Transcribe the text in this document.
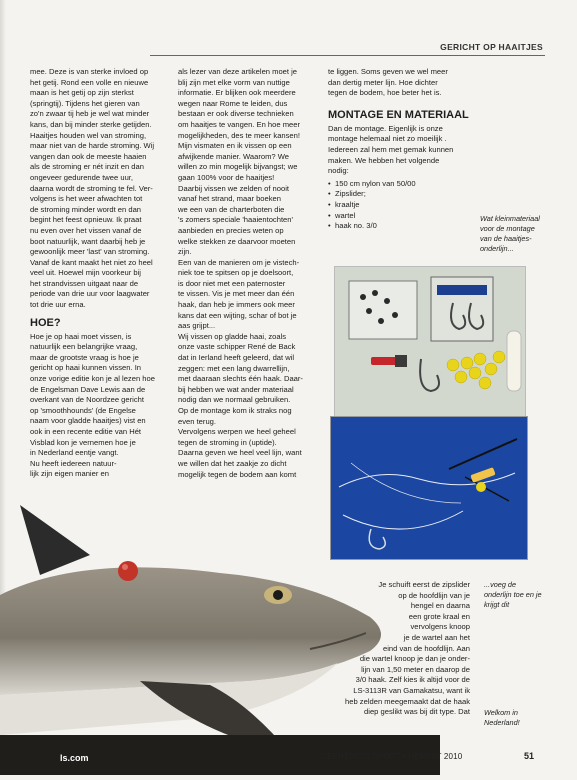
GERICHT OP HAAITJES

mee. Deze is van sterke invloed op
het getij. Rond een volle en nieuwe
maan is het getij op zijn sterkst
(springtij). Tijdens het gieren van
zo'n zwaar tij heb je wel wat minder
kans, dan bij minder sterke getijden.
Haaitjes houden wel van stroming,
maar niet van de harde stroming. Wij
vangen dan ook de meeste haaien
als de stroming er nét inzit en dan
ongeveer gedurende twee uur,
daarna wordt de stroming te fel. Ver-
volgens is het weer afwachten tot
de stroming minder wordt en dan
begint het feest opnieuw. Ik praat
nu even over het vissen vanaf de
boot natuurlijk, want daarbij heb je
gewoonlijk meer 'last' van stroming.
Vanaf de kant maakt het niet zo heel
veel uit. Hoewel mijn voorkeur bij
het strandvissen uitgaat naar de
periode van drie uur voor laagwater
tot drie uur erna.

HOE?

Hoe je op haai moet vissen, is
natuurlijk een belangrijke vraag,
maar de grootste vraag is hoe je
gericht op haai kunnen vissen. In
onze vorige editie kon je al lezen hoe
de Engelsman Dave Lewis aan de
overkant van de Noordzee gericht
op 'smoothhounds' (de Engelse
naam voor gladde haaitjes) vist en
ook in een recente editie van Hét
Visblad kon je vernemen hoe je
in Nederland eentje vangt.
Nu heeft iedereen natuur-
lijk zijn eigen manier en

als lezer van deze artikelen moet je
blij zijn met elke vorm van nuttige
informatie. Er blijken ook meerdere
wegen naar Rome te leiden, dus
bestaan er ook diverse technieken
om haaitjes te vangen. En hoe meer
mogelijkheden, des te meer kansen!
Mijn vismaten en ik vissen op een
afwijkende manier. Waarom? We
willen zo min mogelijk bijvangst; we
gaan 100% voor de haaitjes!
Daarbij vissen we zelden of nooit
vanaf het strand, maar boeken
we een van de charterboten die
's zomers speciale 'haaientochten'
aanbieden en precies weten op
welke stekken ze daarvoor moeten
zijn.
Een van de manieren om je vistech-
niek toe te spitsen op je doelsoort,
is door niet met een paternoster
te vissen. Vis je met meer dan één
haak, dan heb je immers ook meer
kans dat een wijting, schar of bot je
aas grijpt...
Wij vissen op gladde haai, zoals
onze vaste schipper René de Back
dat in Ierland heeft geleerd, dat wil
zeggen: met een lang dwarrellijn,
met daaraan slechts één haak. Daar-
bij hebben we wat ander materiaal
nodig dan we normaal gebruiken.
Op de montage kom ik straks nog
even terug.
Vervolgens werpen we heel geheel
tegen de stroming in (uptide).
Daarna geven we heel veel lijn, want
we willen dat het zaakje zo dicht
mogelijk tegen de bodem aan komt

te liggen. Soms geven we wel meer
dan dertig meter lijn. Hoe dichter
tegen de bodem, hoe beter het is.

MONTAGE EN MATERIAAL

Dan de montage. Eigenlijk is onze
montage helemaal niet zo moeilijk .
Iedereen zal hem met gemak kunnen
maken. We hebben het volgende
nodig:

• 150 cm nylon van 50/00
• Zipslider;
• kraaltje
• wartel
• haak no. 3/0
Wat kleinmateriaal
voor de montage
van de haaitjes-
onderlijn...

Je schuift eerst de zipslider
op de hoofdlijn van je
hengel en daarna
een grote kraal en
vervolgens knoop
je de wartel aan het
eind van de hoofdlijn. Aan
die wartel knoop je dan je onder-
lijn van 1,50 meter en daarop de
3/0 haak. Zelf kies ik altijd voor de
LS-3113R van Gamakatsu, want ik
heb zelden meegemaakt dat de haak
diep geslikt was bij dit type. Dat

...voeg de
onderlijn toe en je
krijgt dit
Welkom in
Nederland!
ls.com	ZEEHENGELSPORT • HERFST 2010	51
